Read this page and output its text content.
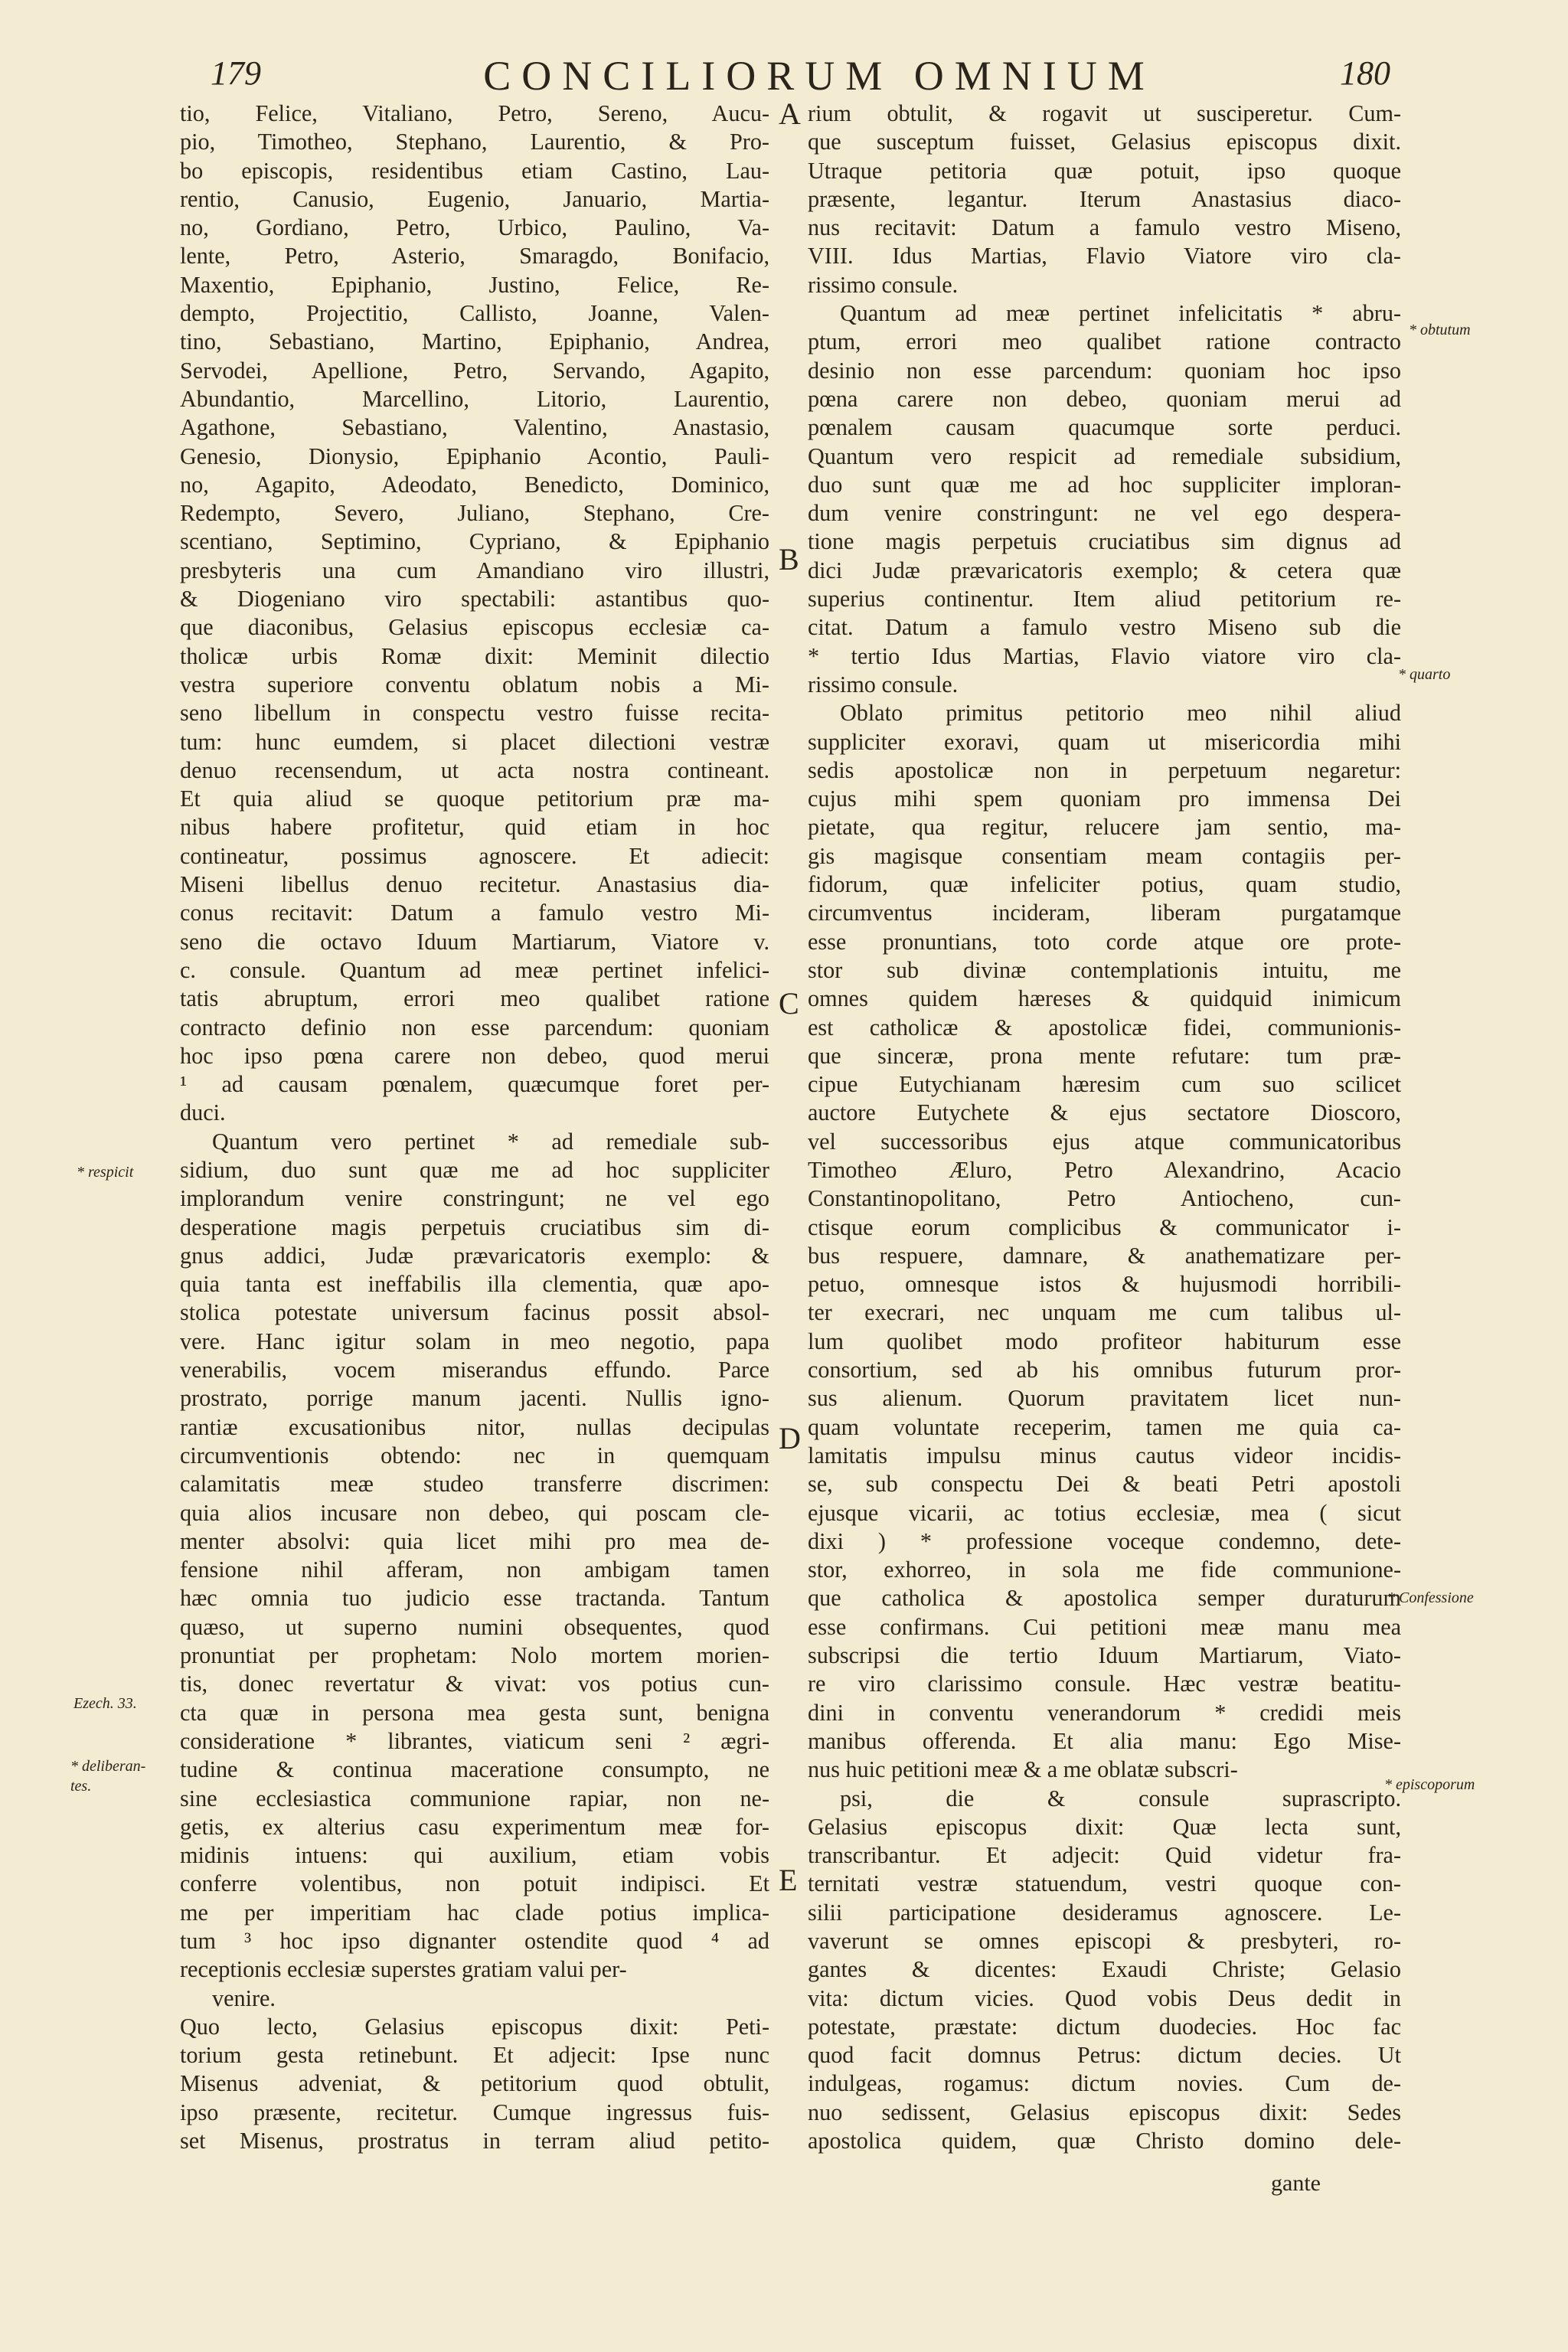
179	CONCILIORUM OMNIUM	180
tio, Felice, Vitaliano, Petro, Sereno, Aucu-
pio, Timotheo, Stephano, Laurentio, & Pro-
bo episcopis, residentibus etiam Castino, Lau-
rentio, Canusio, Eugenio, Januario, Martia-
no, Gordiano, Petro, Urbico, Paulino, Va-
lente, Petro, Asterio, Smaragdo, Bonifacio,
Maxentio, Epiphanio, Justino, Felice, Re-
dempto, Projectitio, Callisto, Joanne, Valen-
tino, Sebastiano, Martino, Epiphanio, Andrea,
Servodei, Apellione, Petro, Servando, Agapito,
Abundantio, Marcellino, Litorio, Laurentio,
Agathone, Sebastiano, Valentino, Anastasio,
Genesio, Dionysio, Epiphanio Acontio, Pauli-
no, Agapito, Adeodato, Benedicto, Dominico,
Redempto, Severo, Juliano, Stephano, Cre-
scentiano, Septimino, Cypriano, & Epiphanio
presbyteris una cum Amandiano viro illustri,
& Diogeniano viro spectabili: astantibus quo-
que diaconibus, Gelasius episcopus ecclesiæ ca-
tholicæ urbis Romæ dixit: Meminit dilectio
vestra superiore conventu oblatum nobis a Mi-
seno libellum in conspectu vestro fuisse recita-
tum: hunc eumdem, si placet dilectioni vestræ
denuo recensendum, ut acta nostra contineant.
Et quia aliud se quoque petitorium præ ma-
nibus habere profitetur, quid etiam in hoc
contineatur, possimus agnoscere. Et adiecit:
Miseni libellus denuo recitetur. Anastasius dia-
conus recitavit: Datum a famulo vestro Mi-
seno die octavo Iduum Martiarum, Viatore v.
c. consule. Quantum ad meæ pertinet infelici-
tatis abruptum, errori meo qualibet ratione
contracto definio non esse parcendum: quoniam
hoc ipso pœna carere non debeo, quod merui
¹ ad causam pœnalem, quæcumque foret per-
duci.
Quantum vero pertinet * ad remediale sub-
sidium, duo sunt quæ me ad hoc suppliciter
implorandum venire constringunt; ne vel ego
desperatione magis perpetuis cruciatibus sim di-
gnus addici, Judæ prævaricatoris exemplo: &
quia tanta est ineffabilis illa clementia, quæ apo-
stolica potestate universum facinus possit absol-
vere. Hanc igitur solam in meo negotio, papa
venerabilis, vocem miserandus effundo. Parce
prostrato, porrige manum jacenti. Nullis igno-
rantiæ excusationibus nitor, nullas decipulas
circumventionis obtendo: nec in quemquam
calamitatis meæ studeo transferre discrimen:
quia alios incusare non debeo, qui poscam cle-
menter absolvi: quia licet mihi pro mea de-
fensione nihil afferam, non ambigam tamen
hæc omnia tuo judicio esse tractanda. Tantum
quæso, ut superno numini obsequentes, quod
pronuntiat per prophetam: Nolo mortem morien-
tis, donec revertatur & vivat: vos potius cun-
cta quæ in persona mea gesta sunt, benigna
consideratione * librantes, viaticum seni ² ægri-
tudine & continua maceratione consumpto, ne
sine ecclesiastica communione rapiar, non ne-
getis, ex alterius casu experimentum meæ for-
midinis intuens: qui auxilium, etiam vobis
conferre volentibus, non potuit indipisci. Et
me per imperitiam hac clade potius implica-
tum ³ hoc ipso dignanter ostendite quod ⁴ ad
receptionis ecclesiæ superstes gratiam valui per-
venire.
Quo lecto, Gelasius episcopus dixit: Peti-
torium gesta retinebunt. Et adjecit: Ipse nunc
Misenus adveniat, & petitorium quod obtulit,
ipso præsente, recitetur. Cumque ingressus fuis-
set Misenus, prostratus in terram aliud petito-
rium obtulit, & rogavit ut susciperetur. Cum-
que susceptum fuisset, Gelasius episcopus dixit.
Utraque petitoria quæ potuit, ipso quoque
præsente, legantur. Iterum Anastasius diaco-
nus recitavit: Datum a famulo vestro Miseno,
VIII. Idus Martias, Flavio Viatore viro cla-
rissimo consule.
Quantum ad meæ pertinet infelicitatis * abru-
ptum, errori meo qualibet ratione contracto
desinio non esse parcendum: quoniam hoc ipso
pœna carere non debeo, quoniam merui ad
pœnalem causam quacumque sorte perduci.
Quantum vero respicit ad remediale subsidium,
duo sunt quæ me ad hoc suppliciter imploran-
dum venire constringunt: ne vel ego despera-
tione magis perpetuis cruciatibus sim dignus ad
dici Judæ prævaricatoris exemplo; & cetera quæ
superius continentur. Item aliud petitorium re-
citat. Datum a famulo vestro Miseno sub die
* tertio Idus Martias, Flavio viatore viro cla-
rissimo consule.
Oblato primitus petitorio meo nihil aliud
suppliciter exoravi, quam ut misericordia mihi
sedis apostolicæ non in perpetuum negaretur:
cujus mihi spem quoniam pro immensa Dei
pietate, qua regitur, relucere jam sentio, ma-
gis magisque consentiam meam contagiis per-
fidorum, quæ infeliciter potius, quam studio,
circumventus incideram, liberam purgatamque
esse pronuntians, toto corde atque ore prote-
stor sub divinæ contemplationis intuitu, me
omnes quidem hæreses & quidquid inimicum
est catholicæ & apostolicæ fidei, communionis-
que sinceræ, prona mente refutare: tum præ-
cipue Eutychianam hæresim cum suo scilicet
auctore Eutychete & ejus sectatore Dioscoro,
vel successoribus ejus atque communicatoribus
Timotheo Æluro, Petro Alexandrino, Acacio
Constantinopolitano, Petro Antiocheno, cun-
ctisque eorum complicibus & communicator i-
bus respuere, damnare, & anathematizare per-
petuo, omnesque istos & hujusmodi horribili-
ter execrari, nec unquam me cum talibus ul-
lum quolibet modo profiteor habiturum esse
consortium, sed ab his omnibus futurum pror-
sus alienum. Quorum pravitatem licet nun-
quam voluntate receperim, tamen me quia ca-
lamitatis impulsu minus cautus videor incidis-
se, sub conspectu Dei & beati Petri apostoli
ejusque vicarii, ac totius ecclesiæ, mea ( sicut
dixi ) * professione voceque condemno, dete-
stor, exhorreo, in sola me fide communione-
que catholica & apostolica semper duraturum
esse confirmans. Cui petitioni meæ manu mea
subscripsi die tertio Iduum Martiarum, Viato-
re viro clarissimo consule. Hæc vestræ beatitu-
dini in conventu venerandorum * credidi meis
manibus offerenda. Et alia manu: Ego Mise-
nus huic petitioni meæ & a me oblatæ subscri-
psi, die & consule suprascripto.
Gelasius episcopus dixit: Quæ lecta sunt,
transcribantur. Et adjecit: Quid videtur fra-
ternitati vestræ statuendum, vestri quoque con-
silii participatione desideramus agnoscere. Le-
vaverunt se omnes episcopi & presbyteri, ro-
gantes & dicentes: Exaudi Christe; Gelasio
vita: dictum vicies. Quod vobis Deus dedit in
potestate, præstate: dictum duodecies. Hoc fac
quod facit domnus Petrus: dictum decies. Ut
indulgeas, rogamus: dictum novies. Cum de-
nuo sedissent, Gelasius episcopus dixit: Sedes
apostolica quidem, quæ Christo domino dele-
A
B
C
D
E
* obtutum
* quarto
* respicit
* Confessione
Ezech. 33.
* deliberan-
tes.	* episcoporum
gante
